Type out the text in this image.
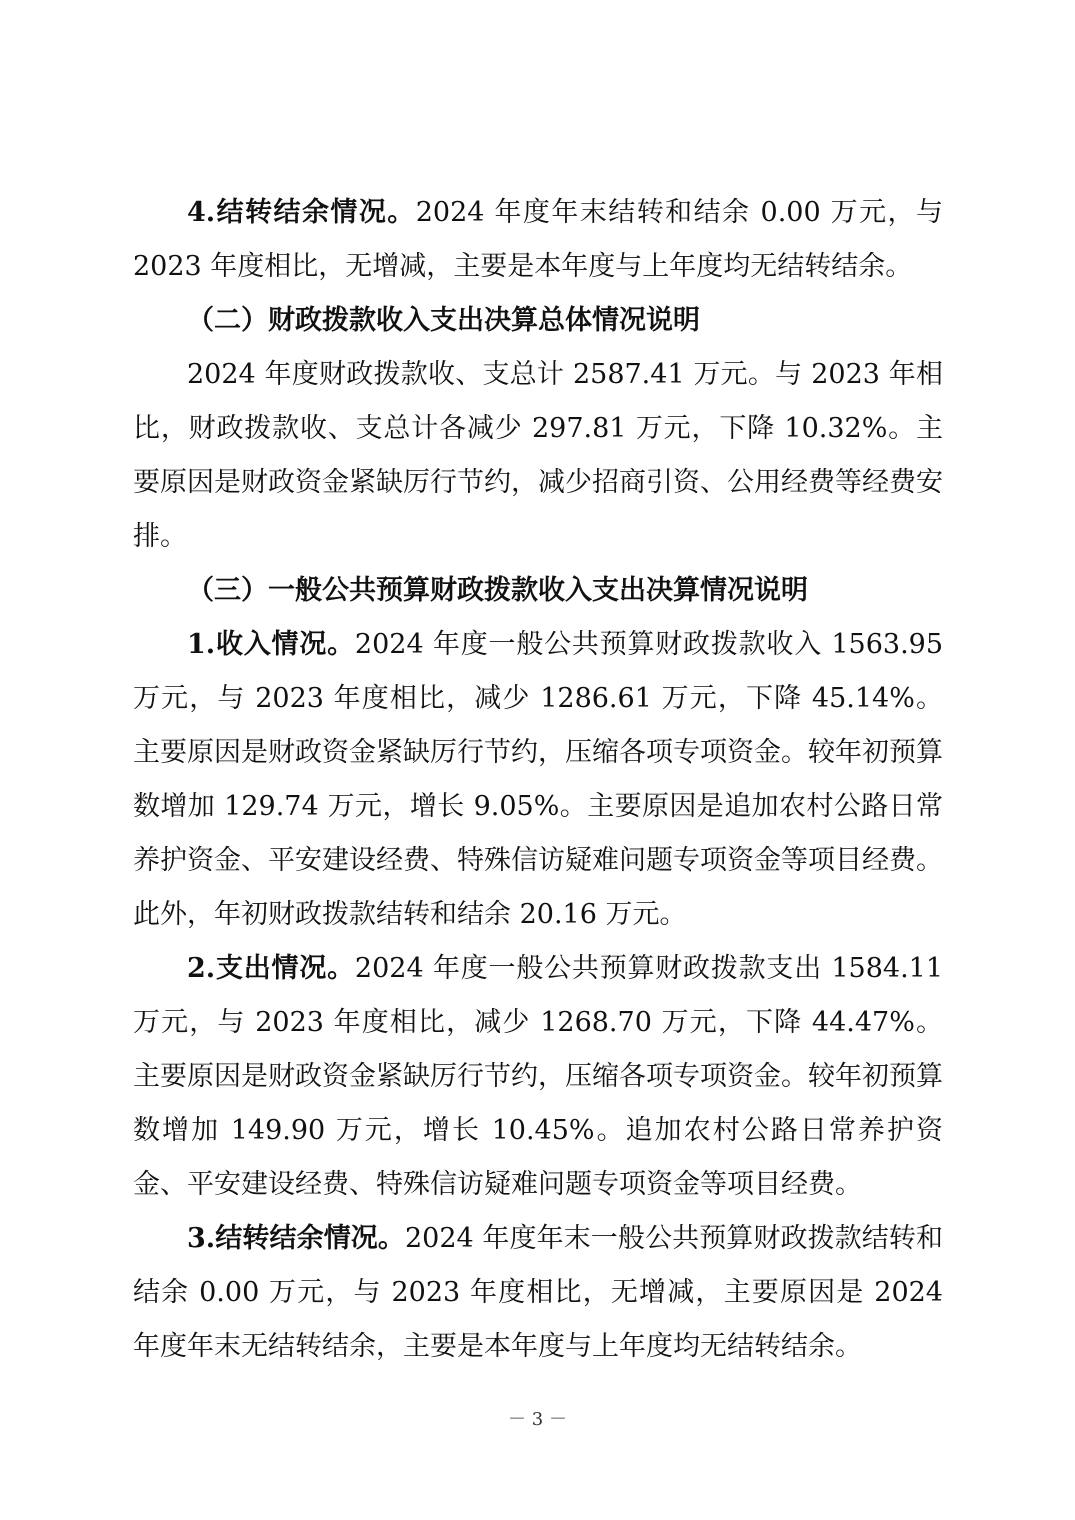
4.结转结余情况。2024 年度年末结转和结余 0.00 万元，与 2023 年度相比，无增减，主要是本年度与上年度均无结转结余。

（二）财政拨款收入支出决算总体情况说明

2024 年度财政拨款收、支总计 2587.41 万元。与 2023 年相比，财政拨款收、支总计各减少 297.81 万元，下降 10.32%。主要原因是财政资金紧缺厉行节约，减少招商引资、公用经费等经费安排。

（三）一般公共预算财政拨款收入支出决算情况说明

1.收入情况。2024 年度一般公共预算财政拨款收入 1563.95 万元，与 2023 年度相比，减少 1286.61 万元，下降 45.14%。主要原因是财政资金紧缺厉行节约，压缩各项专项资金。较年初预算数增加 129.74 万元，增长 9.05%。主要原因是追加农村公路日常养护资金、平安建设经费、特殊信访疑难问题专项资金等项目经费。此外，年初财政拨款结转和结余 20.16 万元。

2.支出情况。2024 年度一般公共预算财政拨款支出 1584.11 万元，与 2023 年度相比，减少 1268.70 万元，下降 44.47%。主要原因是财政资金紧缺厉行节约，压缩各项专项资金。较年初预算数增加 149.90 万元，增长 10.45%。追加农村公路日常养护资金、平安建设经费、特殊信访疑难问题专项资金等项目经费。

3.结转结余情况。2024 年度年末一般公共预算财政拨款结转和结余 0.00 万元，与 2023 年度相比，无增减，主要原因是 2024 年度年末无结转结余，主要是本年度与上年度均无结转结余。

－ 3 －
